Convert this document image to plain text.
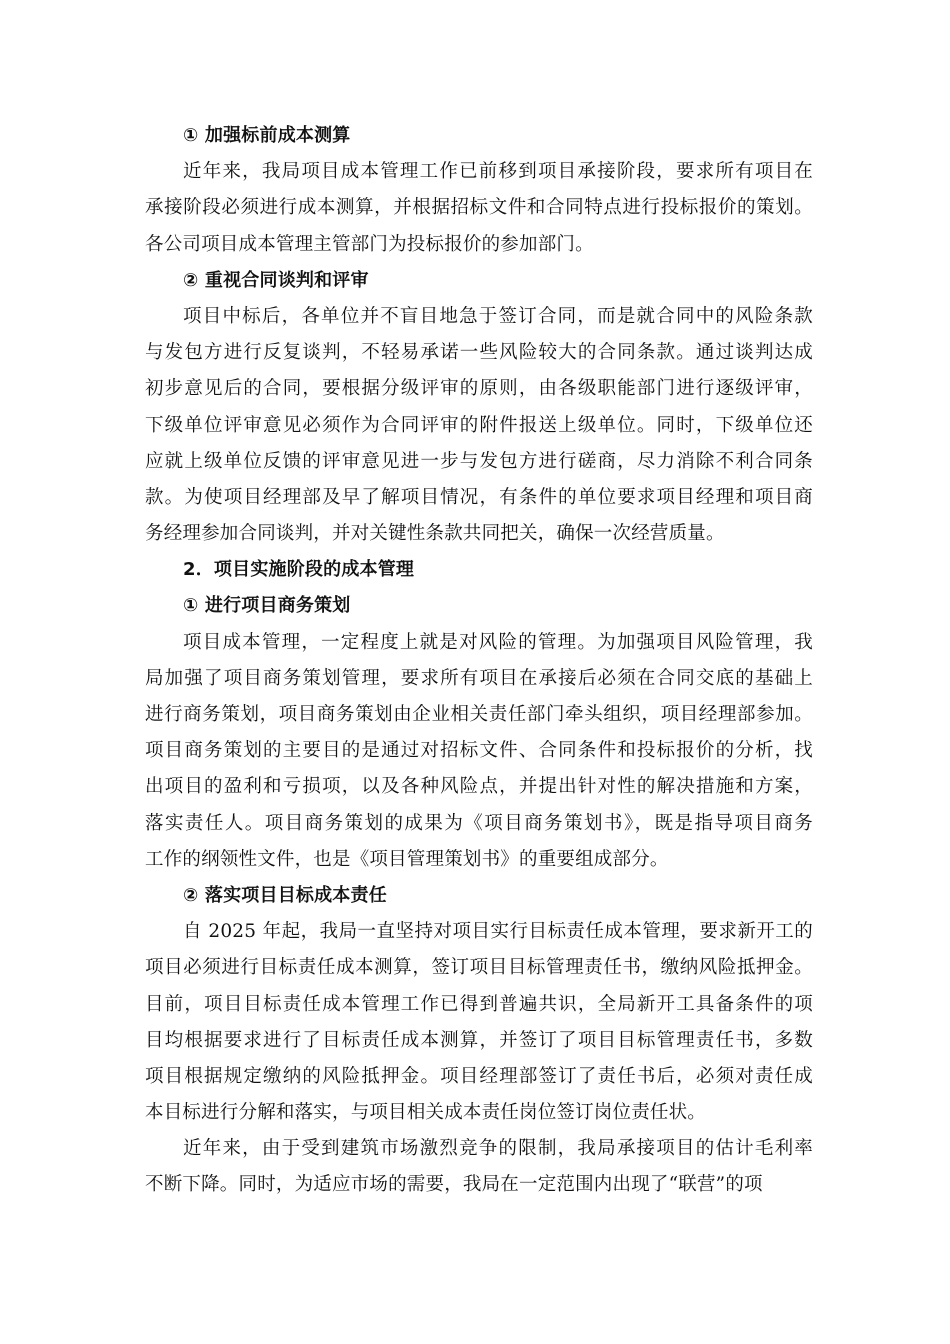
① 加强标前成本测算
近年来，我局项目成本管理工作已前移到项目承接阶段，要求所有项目在
承接阶段必须进行成本测算，并根据招标文件和合同特点进行投标报价的策划。
各公司项目成本管理主管部门为投标报价的参加部门。
② 重视合同谈判和评审
项目中标后，各单位并不盲目地急于签订合同，而是就合同中的风险条款
与发包方进行反复谈判，不轻易承诺一些风险较大的合同条款。通过谈判达成
初步意见后的合同，要根据分级评审的原则，由各级职能部门进行逐级评审，
下级单位评审意见必须作为合同评审的附件报送上级单位。同时，下级单位还
应就上级单位反馈的评审意见进一步与发包方进行磋商，尽力消除不利合同条
款。为使项目经理部及早了解项目情况，有条件的单位要求项目经理和项目商
务经理参加合同谈判，并对关键性条款共同把关，确保一次经营质量。
2．项目实施阶段的成本管理
① 进行项目商务策划
项目成本管理，一定程度上就是对风险的管理。为加强项目风险管理，我
局加强了项目商务策划管理，要求所有项目在承接后必须在合同交底的基础上
进行商务策划，项目商务策划由企业相关责任部门牵头组织，项目经理部参加。
项目商务策划的主要目的是通过对招标文件、合同条件和投标报价的分析，找
出项目的盈利和亏损项，以及各种风险点，并提出针对性的解决措施和方案，
落实责任人。项目商务策划的成果为《项目商务策划书》，既是指导项目商务
工作的纲领性文件，也是《项目管理策划书》的重要组成部分。
② 落实项目目标成本责任
自 2025 年起，我局一直坚持对项目实行目标责任成本管理，要求新开工的
项目必须进行目标责任成本测算，签订项目目标管理责任书，缴纳风险抵押金。
目前，项目目标责任成本管理工作已得到普遍共识，全局新开工具备条件的项
目均根据要求进行了目标责任成本测算，并签订了项目目标管理责任书，多数
项目根据规定缴纳的风险抵押金。项目经理部签订了责任书后，必须对责任成
本目标进行分解和落实，与项目相关成本责任岗位签订岗位责任状。
近年来，由于受到建筑市场激烈竞争的限制，我局承接项目的估计毛利率
不断下降。同时，为适应市场的需要，我局在一定范围内出现了“联营”的项
